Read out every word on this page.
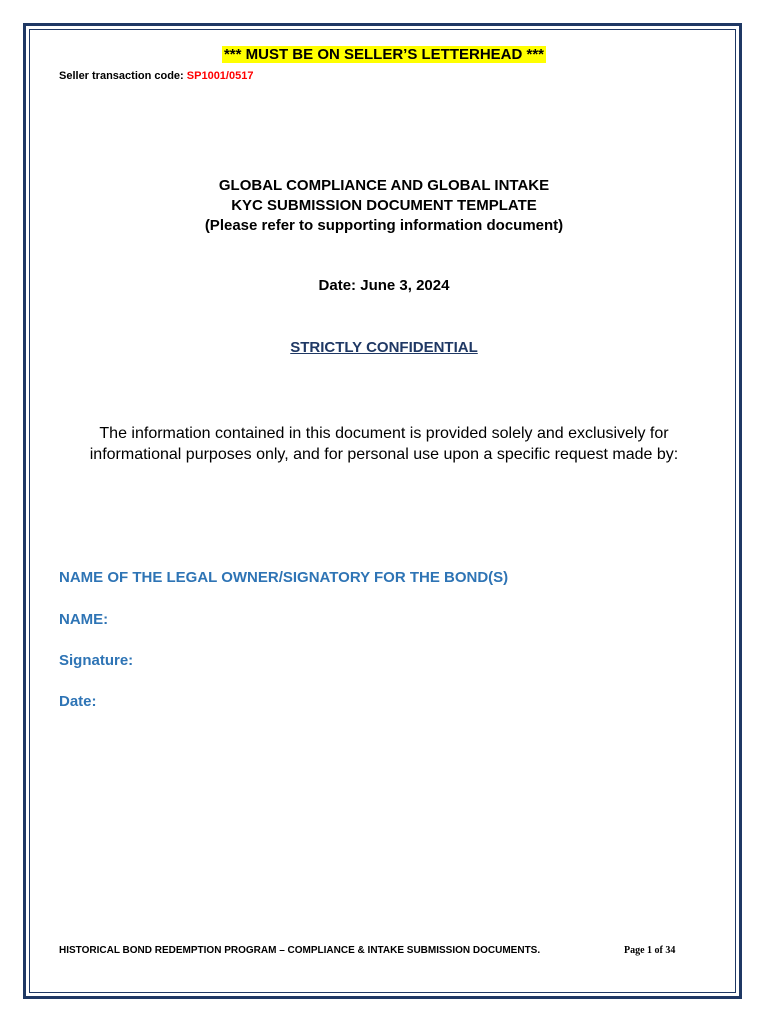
*** MUST BE ON SELLER’S LETTERHEAD ***
Seller transaction code: SP1001/0517
GLOBAL COMPLIANCE AND GLOBAL INTAKE
KYC SUBMISSION DOCUMENT TEMPLATE
(Please refer to supporting information document)
Date: June 3, 2024
STRICTLY CONFIDENTIAL
The information contained in this document is provided solely and exclusively for
informational purposes only, and for personal use upon a specific request made by:
NAME OF THE LEGAL OWNER/SIGNATORY FOR THE BOND(S)
NAME:
Signature:
Date:
HISTORICAL BOND REDEMPTION PROGRAM – COMPLIANCE & INTAKE SUBMISSION DOCUMENTS.	Page 1 of 34
